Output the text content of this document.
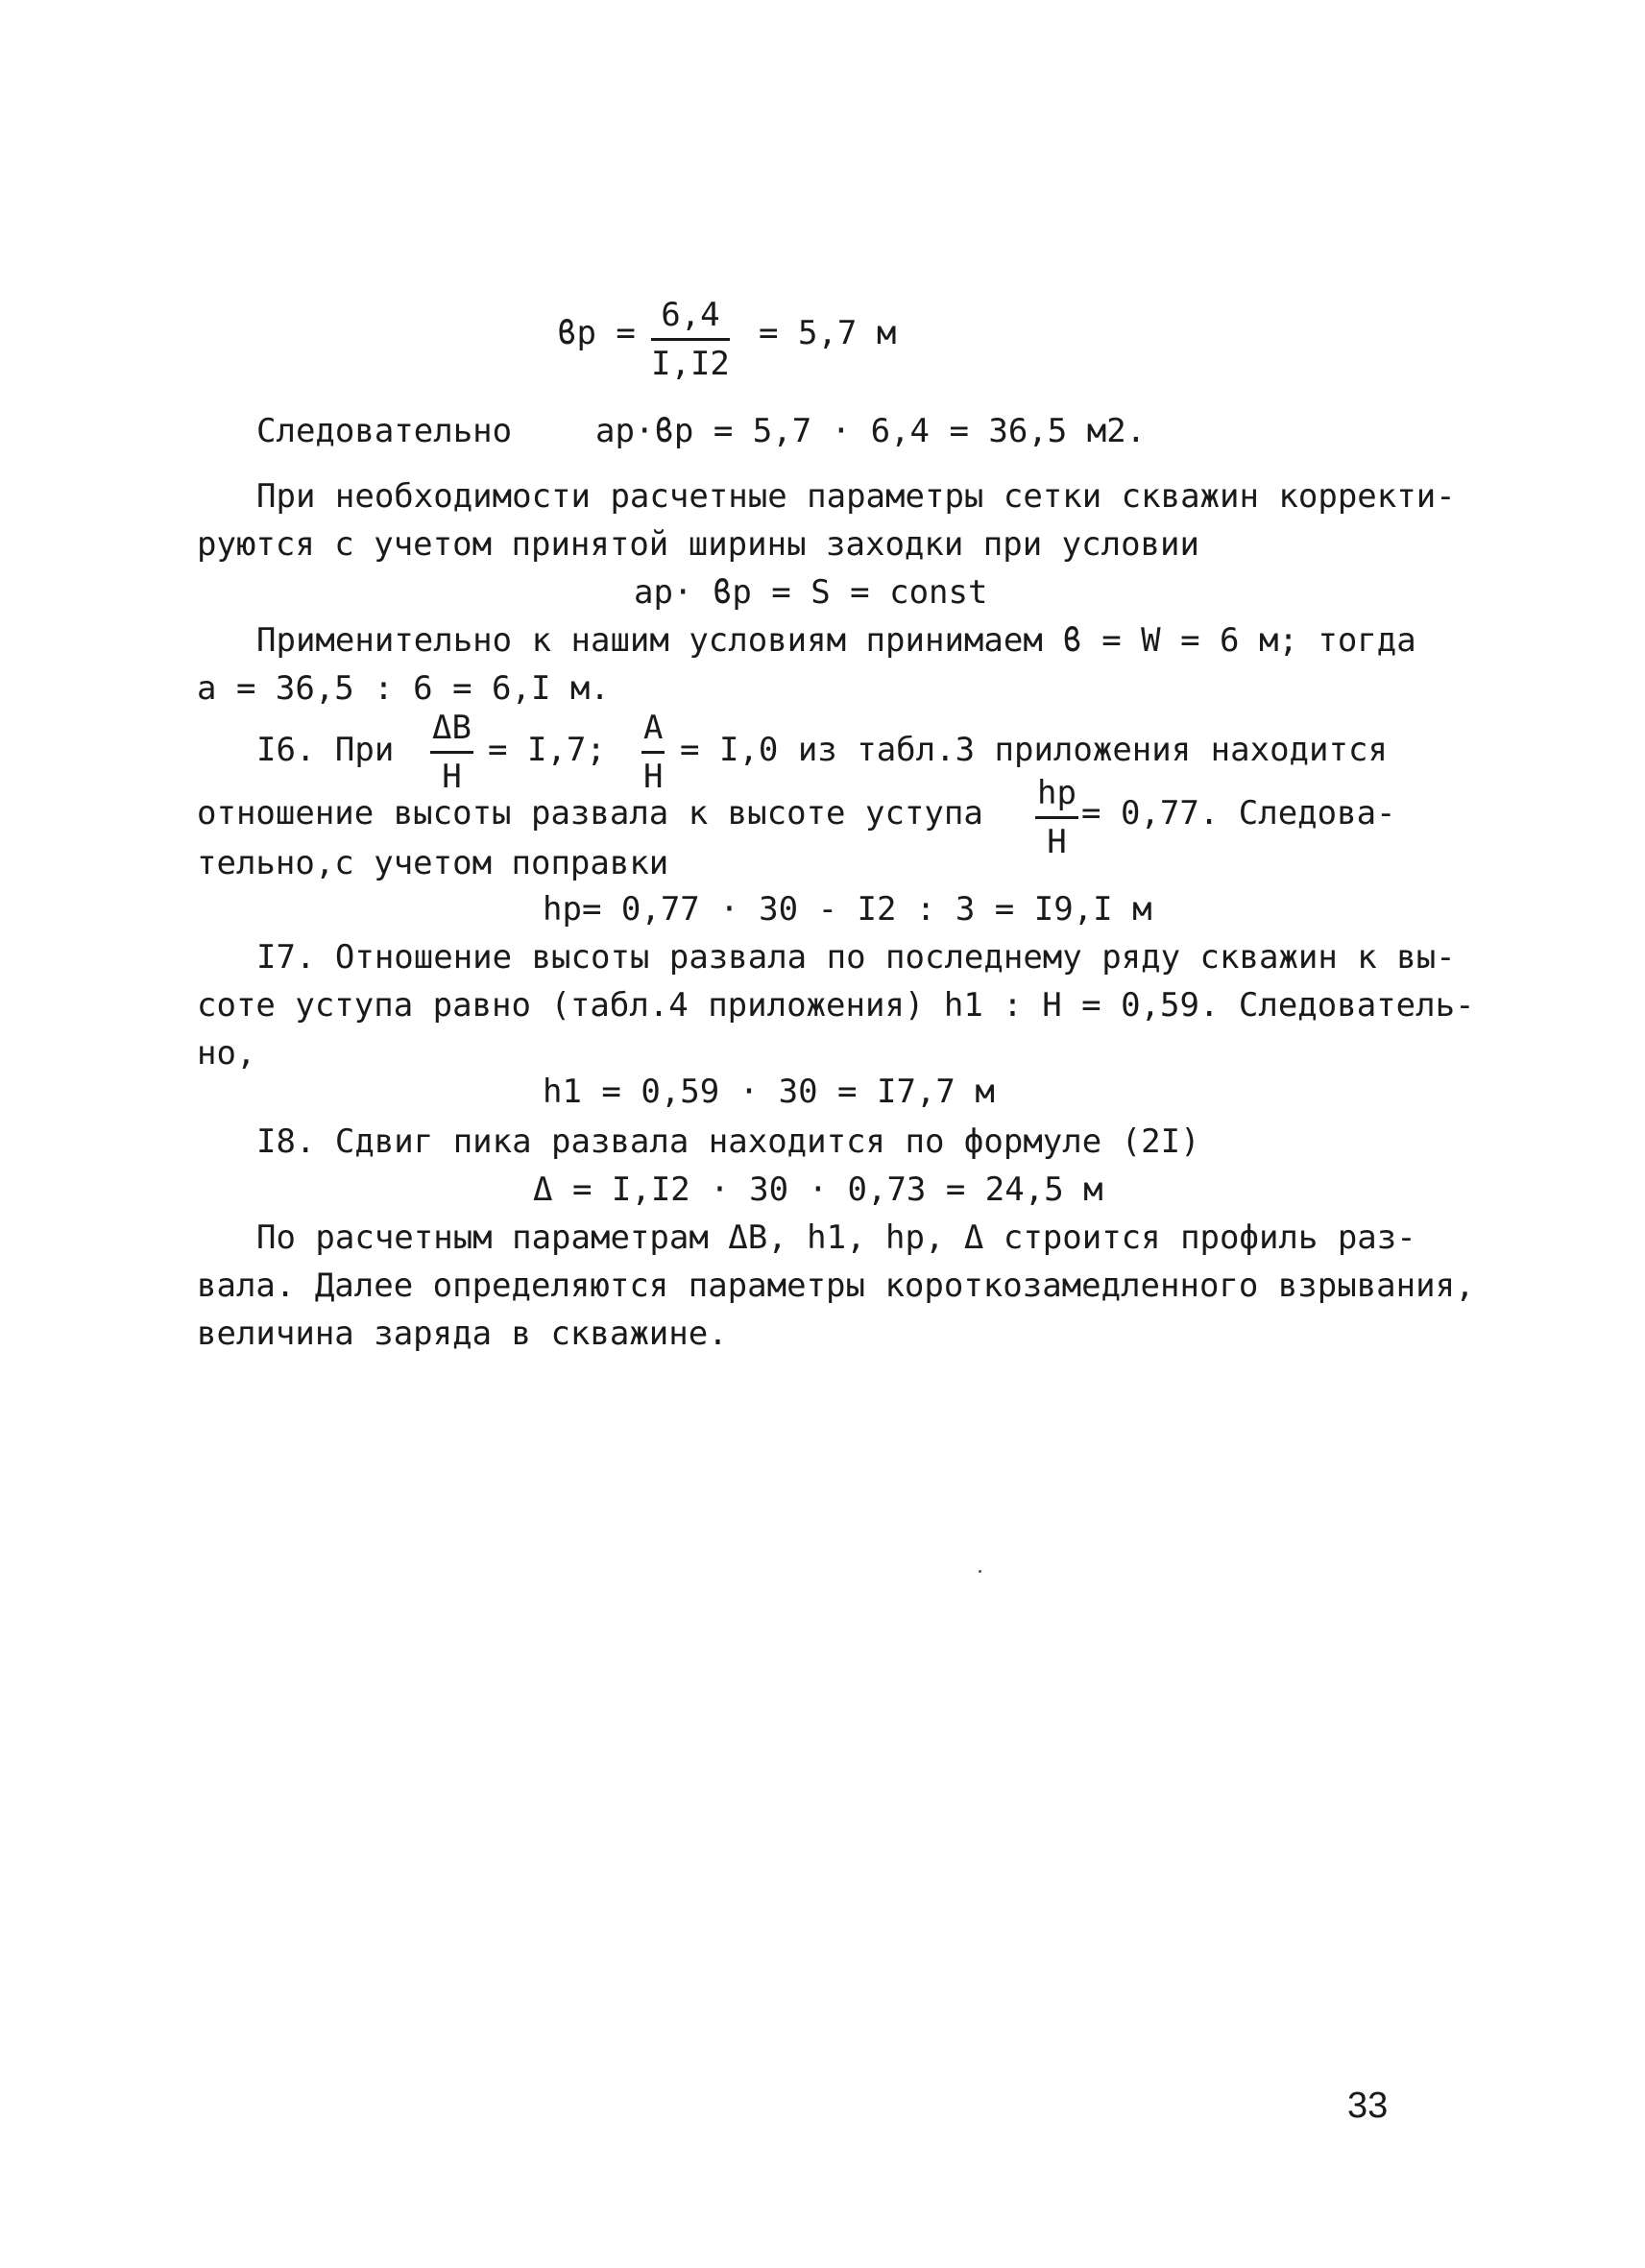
$ϐр = \frac{6,4}{I,I2} = 5,7$ м
Следовательно	aр·ϐр = 5,7 · 6,4 = 36,5 м2.
При необходимости расчетные параметры сетки скважин корректи-
руются с учетом принятой ширины заходки при условии
aр· ϐр = S = const
Применительно к нашим условиям принимаем ϐ = W = 6 м; тогда
a = 36,5 : 6 = 6,I м.
I6. При $\frac{\Delta B}{H} = I,7$; $\frac{A}{H} = I,0$ из табл.3 приложения находится
отношение высоты развала к высоте уступа
hр
H
= 0,77. Следова-
тельно,с учетом поправки
hр= 0,77 · 30 - I2 : 3 = I9,I м
I7. Отношение высоты развала по последнему ряду скважин к вы-
соте уступа равно (табл.4 приложения) h1 : H = 0,59. Следователь-
но,
h1 = 0,59 · 30 = I7,7 м
I8. Сдвиг пика развала находится по формуле (2I)
Δ = I,I2 · 30 · 0,73 = 24,5 м
По расчетным параметрам ΔB, h1, hр, Δ строится профиль раз-
вала. Далее определяются параметры короткозамедленного взрывания,
величина заряда в скважине.
33
